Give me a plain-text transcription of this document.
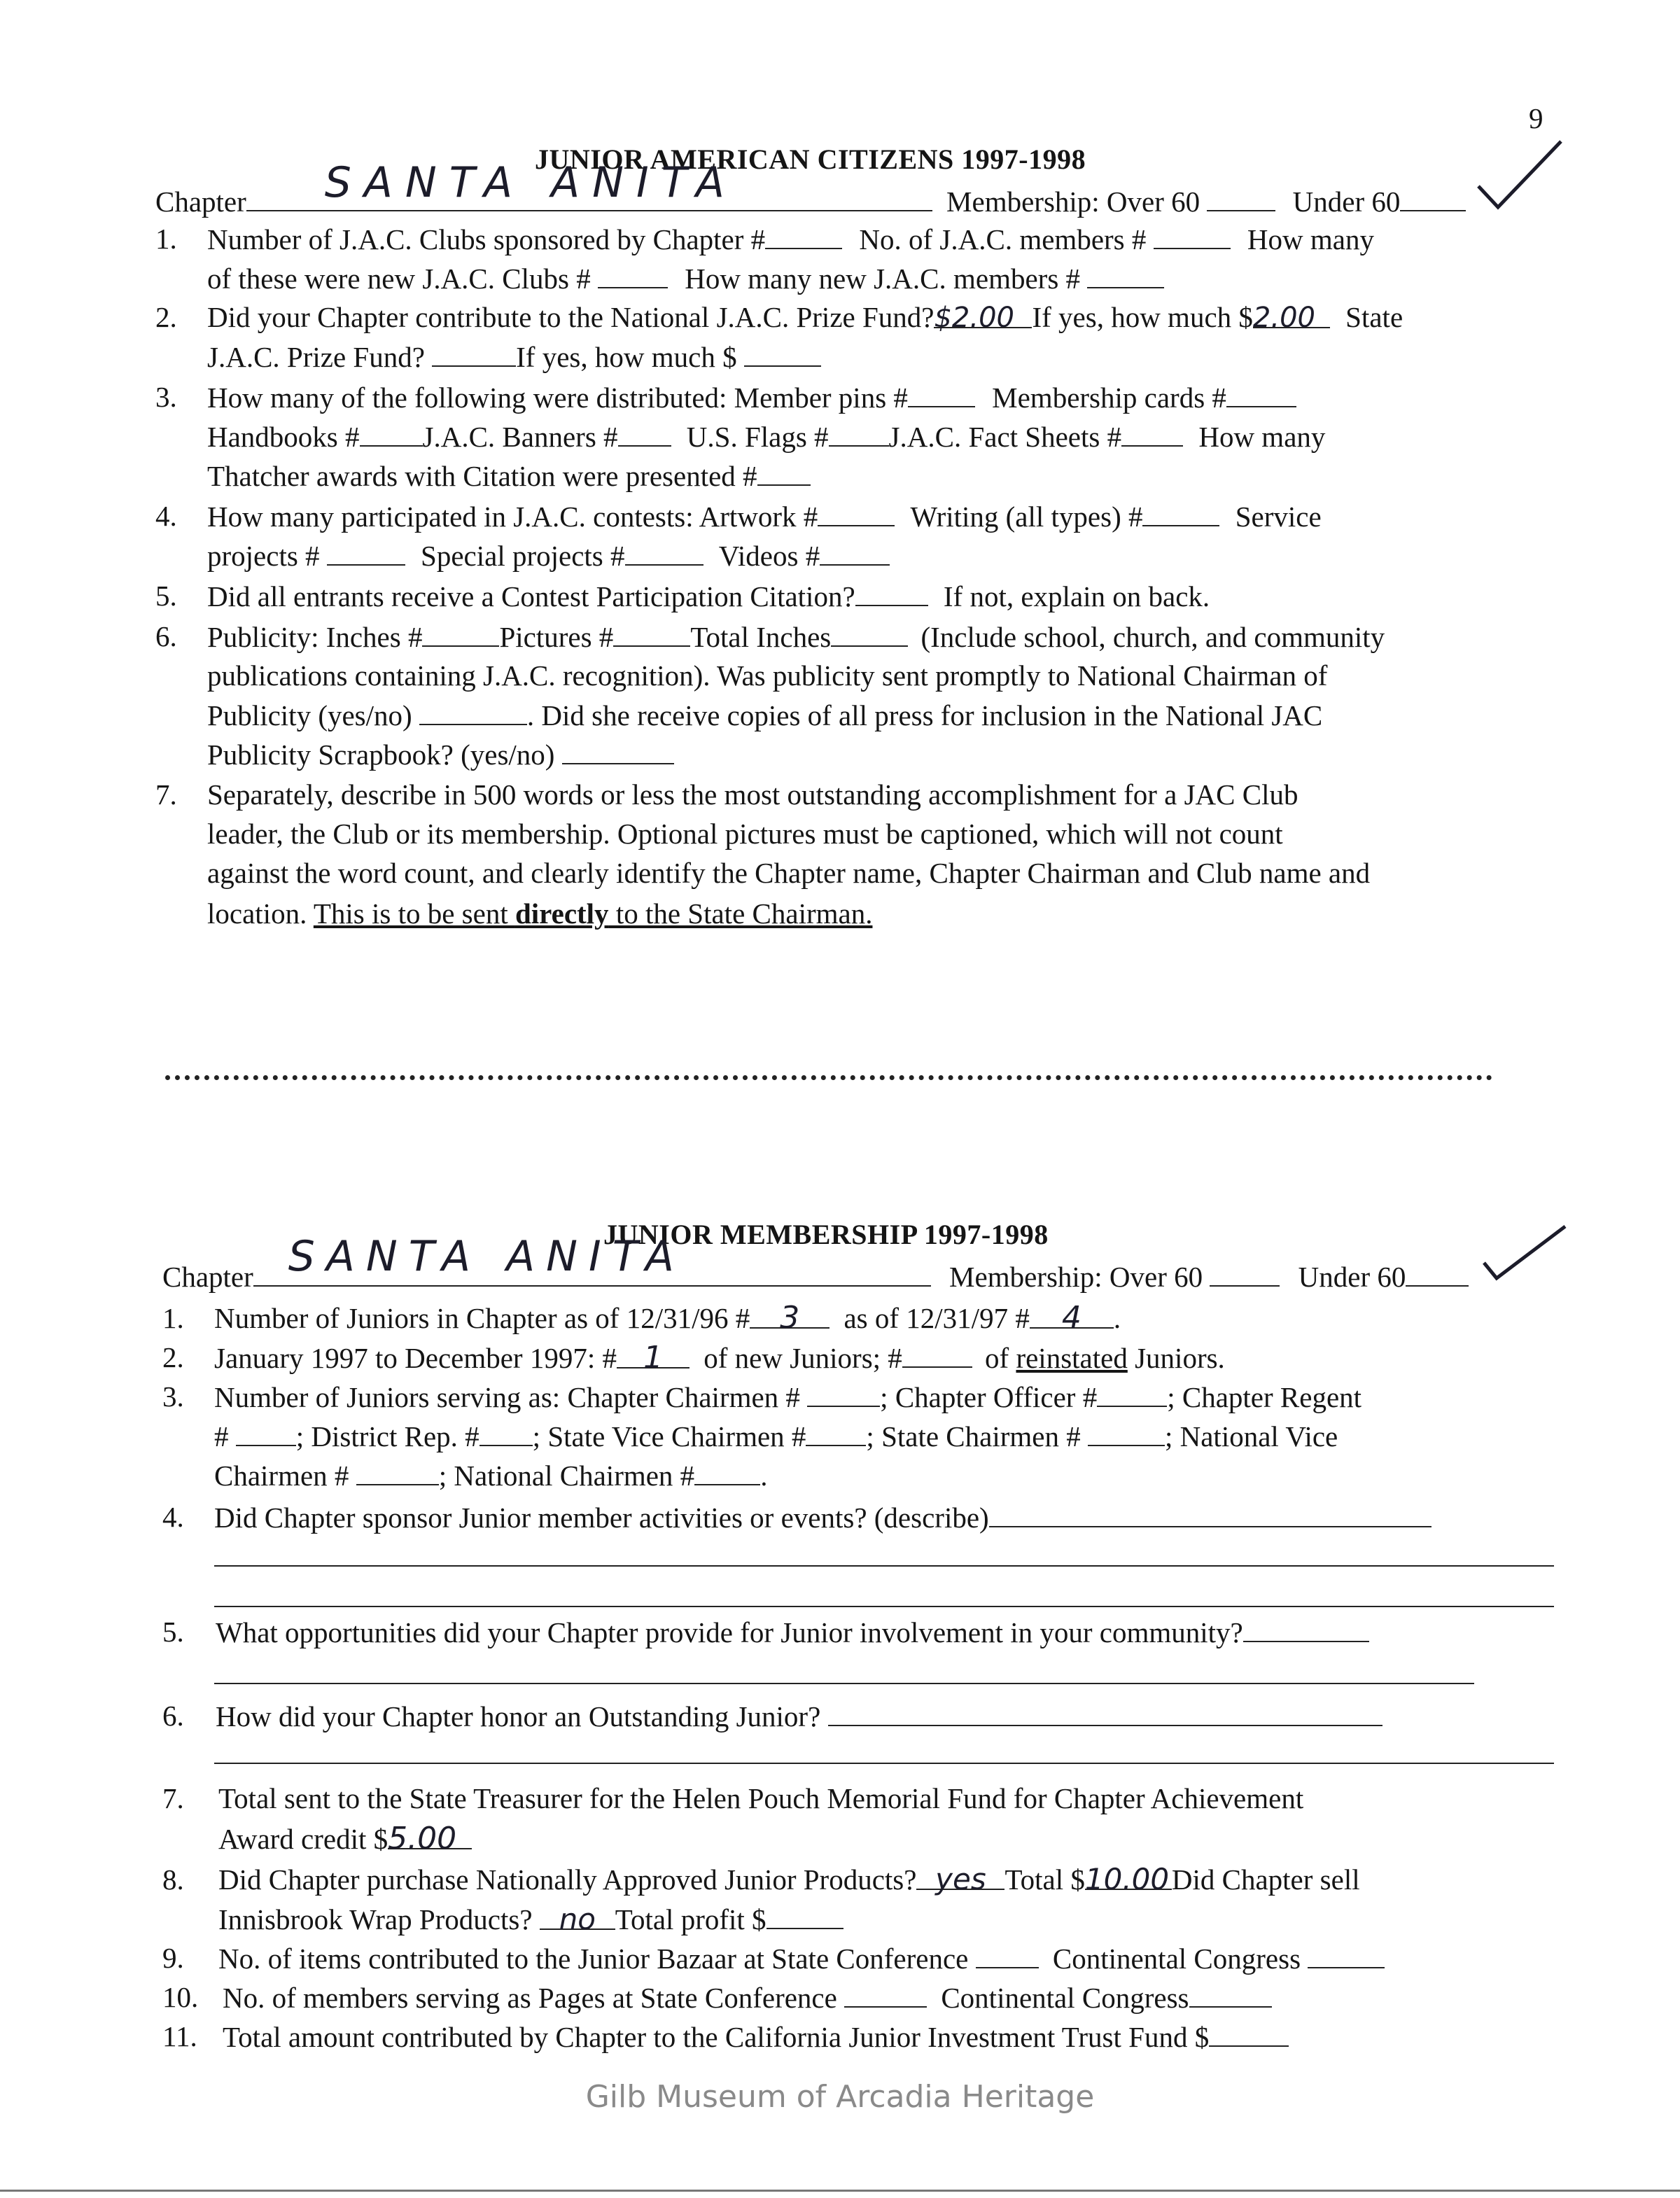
9
JUNIOR AMERICAN CITIZENS 1997-1998
Chapter SANTA ANITA	Membership: Over 60	Under 60
1. Number of J.A.C. Clubs sponsored by Chapter #	No. of J.A.C. members #	How many
of these were new J.A.C. Clubs #	How many new J.A.C. members #
2. Did your Chapter contribute to the National J.A.C. Prize Fund?$2.00 If yes, how much $2.00 State
J.A.C. Prize Fund?	If yes, how much $
3. How many of the following were distributed: Member pins #	Membership cards #
Handbooks # J.A.C. Banners # U.S. Flags # J.A.C. Fact Sheets #	How many
Thatcher awards with Citation were presented #
4. How many participated in J.A.C. contests: Artwork #	Writing (all types) #	Service
projects #	Special projects #	Videos #
5. Did all entrants receive a Contest Participation Citation?	If not, explain on back.
6. Publicity: Inches #	Pictures #	Total Inches	(Include school, church, and community
publications containing J.A.C. recognition). Was publicity sent promptly to National Chairman of
Publicity (yes/no)	. Did she receive copies of all press for inclusion in the National JAC
Publicity Scrapbook? (yes/no)
7. Separately, describe in 500 words or less the most outstanding accomplishment for a JAC Club
leader, the Club or its membership. Optional pictures must be captioned, which will not count
against the word count, and clearly identify the Chapter name, Chapter Chairman and Club name and
location. This is to be sent directly to the State Chairman.
JUNIOR MEMBERSHIP 1997-1998
Chapter SANTA ANITA	Membership: Over 60	Under 60
1. Number of Juniors in Chapter as of 12/31/96 # 3 as of 12/31/97 # 4 .
2. January 1997 to December 1997: # 1 of new Juniors; #	of reinstated Juniors.
3. Number of Juniors serving as: Chapter Chairmen #	; Chapter Officer # ; Chapter Regent
# ; District Rep. # ; State Vice Chairmen # ; State Chairmen #	; National Vice
Chairmen #	; National Chairmen # .
4. Did Chapter sponsor Junior member activities or events? (describe)
5. What opportunities did your Chapter provide for Junior involvement in your community?
6. How did your Chapter honor an Outstanding Junior?
7. Total sent to the State Treasurer for the Helen Pouch Memorial Fund for Chapter Achievement
Award credit $5.00
8. Did Chapter purchase Nationally Approved Junior Products? yes Total $10.00Did Chapter sell
Innisbrook Wrap Products? no Total profit $
9. No. of items contributed to the Junior Bazaar at State Conference	Continental Congress
10. No. of members serving as Pages at State Conference	Continental Congress
11. Total amount contributed by Chapter to the California Junior Investment Trust Fund $
Gilb Museum of Arcadia Heritage
